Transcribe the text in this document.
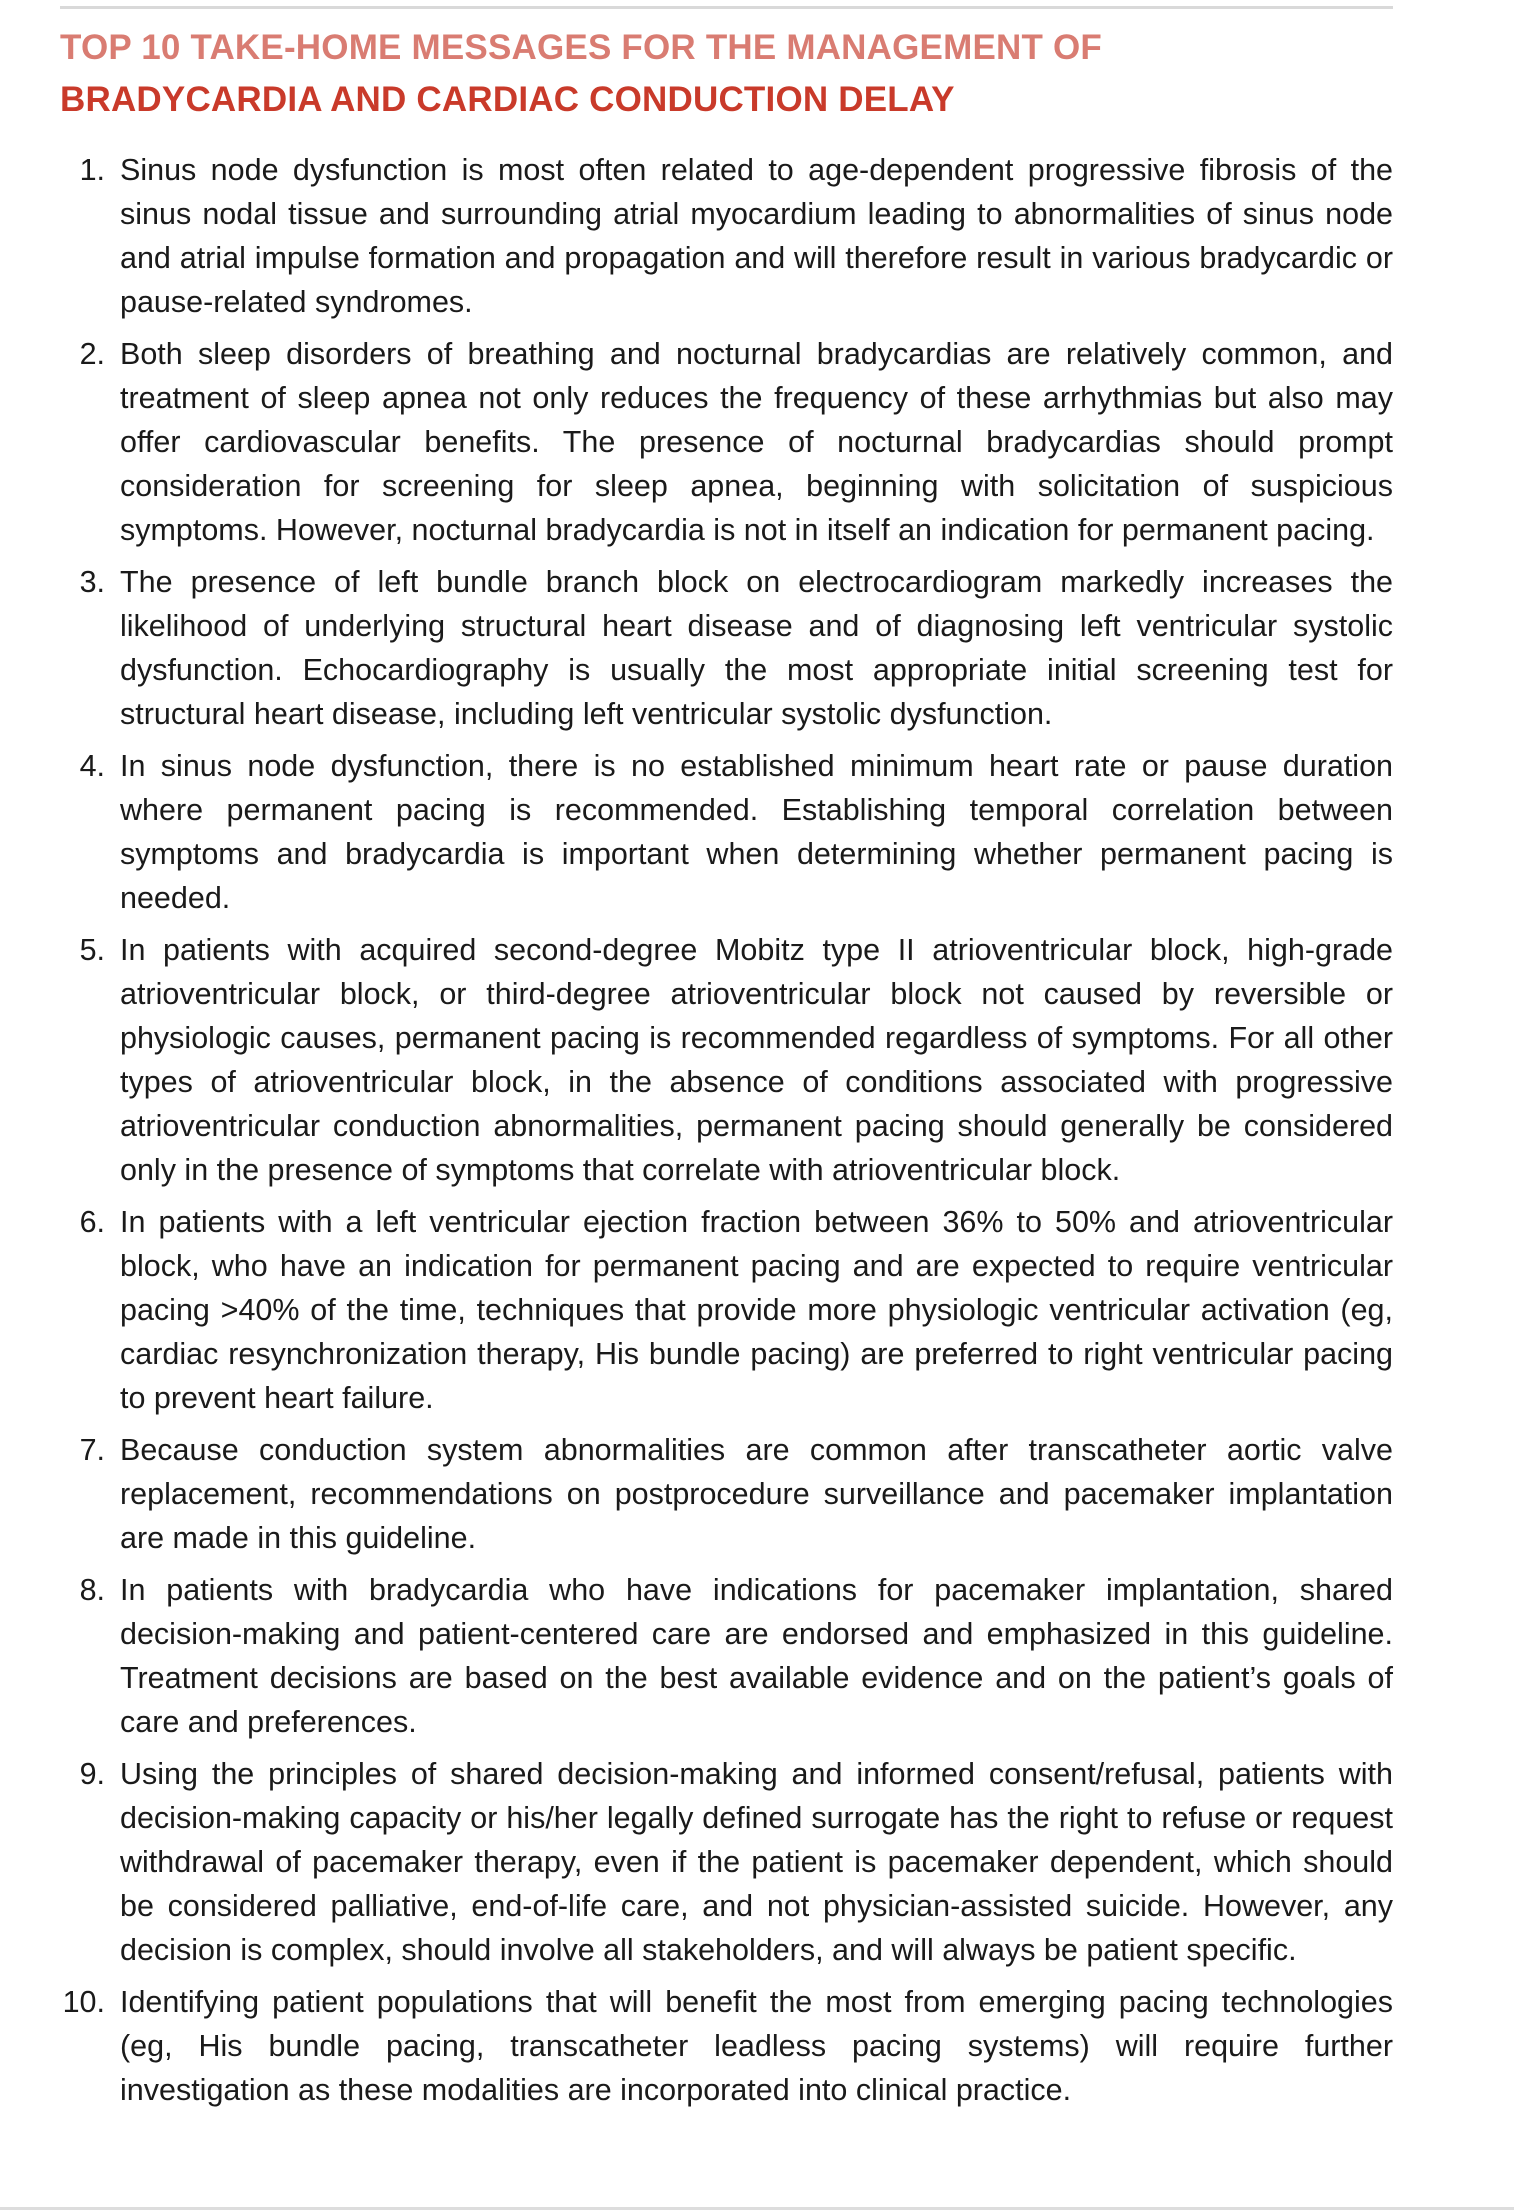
TOP 10 TAKE-HOME MESSAGES FOR THE MANAGEMENT OF
BRADYCARDIA AND CARDIAC CONDUCTION DELAY
1. Sinus node dysfunction is most often related to age-dependent progressive fibrosis of the sinus nodal tissue and surrounding atrial myocardium leading to abnormalities of sinus node and atrial impulse formation and propagation and will therefore result in various bradycardic or pause-related syndromes.
2. Both sleep disorders of breathing and nocturnal bradycardias are relatively common, and treatment of sleep apnea not only reduces the frequency of these arrhythmias but also may offer cardiovascular benefits. The presence of nocturnal bradycardias should prompt consideration for screening for sleep apnea, beginning with solicitation of suspicious symptoms. However, nocturnal bradycardia is not in itself an indication for permanent pacing.
3. The presence of left bundle branch block on electrocardiogram markedly increases the likelihood of underlying structural heart disease and of diagnosing left ventricular systolic dysfunction. Echocardiography is usually the most appropriate initial screening test for structural heart disease, including left ventricular systolic dysfunction.
4. In sinus node dysfunction, there is no established minimum heart rate or pause duration where permanent pacing is recommended. Establishing temporal correlation between symptoms and bradycardia is important when determining whether permanent pacing is needed.
5. In patients with acquired second-degree Mobitz type II atrioventricular block, high-grade atrioventricular block, or third-degree atrioventricular block not caused by reversible or physiologic causes, permanent pacing is recommended regardless of symptoms. For all other types of atrioventricular block, in the absence of conditions associated with progressive atrioventricular conduction abnormalities, permanent pacing should generally be considered only in the presence of symptoms that correlate with atrioventricular block.
6. In patients with a left ventricular ejection fraction between 36% to 50% and atrioventricular block, who have an indication for permanent pacing and are expected to require ventricular pacing >40% of the time, techniques that provide more physiologic ventricular activation (eg, cardiac resynchronization therapy, His bundle pacing) are preferred to right ventricular pacing to prevent heart failure.
7. Because conduction system abnormalities are common after transcatheter aortic valve replacement, recommendations on postprocedure surveillance and pacemaker implantation are made in this guideline.
8. In patients with bradycardia who have indications for pacemaker implantation, shared decision-making and patient-centered care are endorsed and emphasized in this guideline. Treatment decisions are based on the best available evidence and on the patient’s goals of care and preferences.
9. Using the principles of shared decision-making and informed consent/refusal, patients with decision-making capacity or his/her legally defined surrogate has the right to refuse or request withdrawal of pacemaker therapy, even if the patient is pacemaker dependent, which should be considered palliative, end-of-life care, and not physician-assisted suicide. However, any decision is complex, should involve all stakeholders, and will always be patient specific.
10. Identifying patient populations that will benefit the most from emerging pacing technologies (eg, His bundle pacing, transcatheter leadless pacing systems) will require further investigation as these modalities are incorporated into clinical practice.
